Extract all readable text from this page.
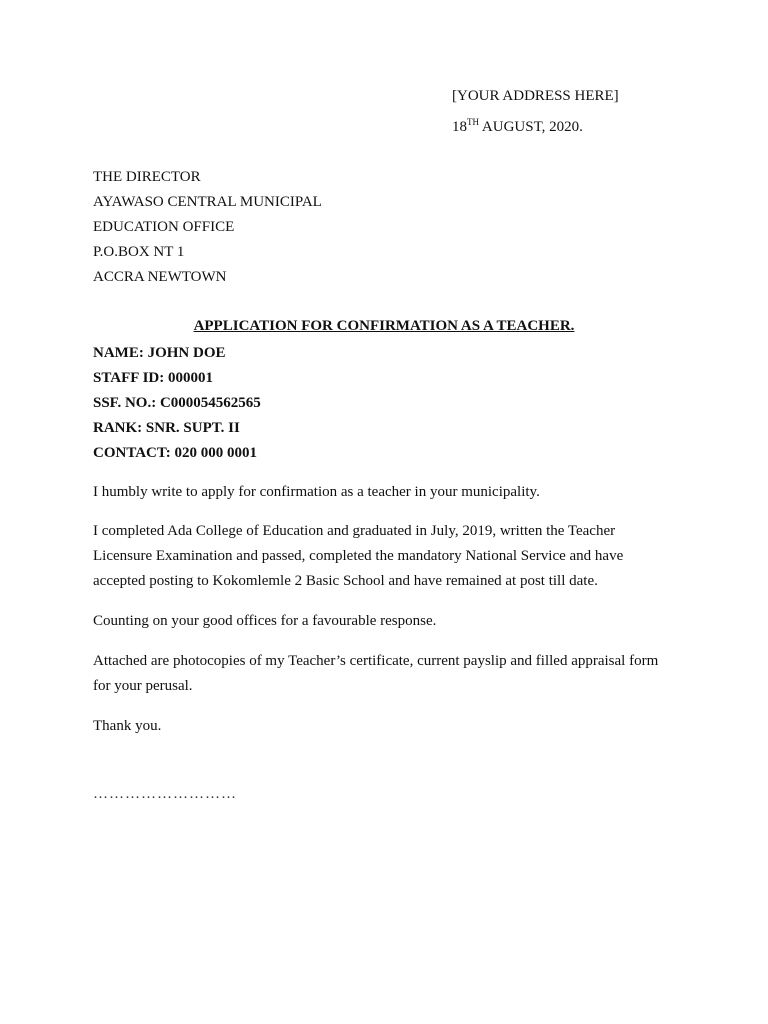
[YOUR ADDRESS HERE]
18TH AUGUST, 2020.
THE DIRECTOR
AYAWASO CENTRAL MUNICIPAL
EDUCATION OFFICE
P.O.BOX NT 1
ACCRA NEWTOWN
APPLICATION FOR CONFIRMATION AS A TEACHER.
NAME: JOHN DOE
STAFF ID: 000001
SSF. NO.: C000054562565
RANK: SNR. SUPT. II
CONTACT: 020 000 0001
I humbly write to apply for confirmation as a teacher in your municipality.
I completed Ada College of Education and graduated in July, 2019, written the Teacher
Licensure Examination and passed, completed the mandatory National Service and have
accepted posting to Kokomlemle 2 Basic School and have remained at post till date.
Counting on your good offices for a favourable response.
Attached are photocopies of my Teacher’s certificate, current payslip and filled appraisal form
for your perusal.
Thank you.
………………………
